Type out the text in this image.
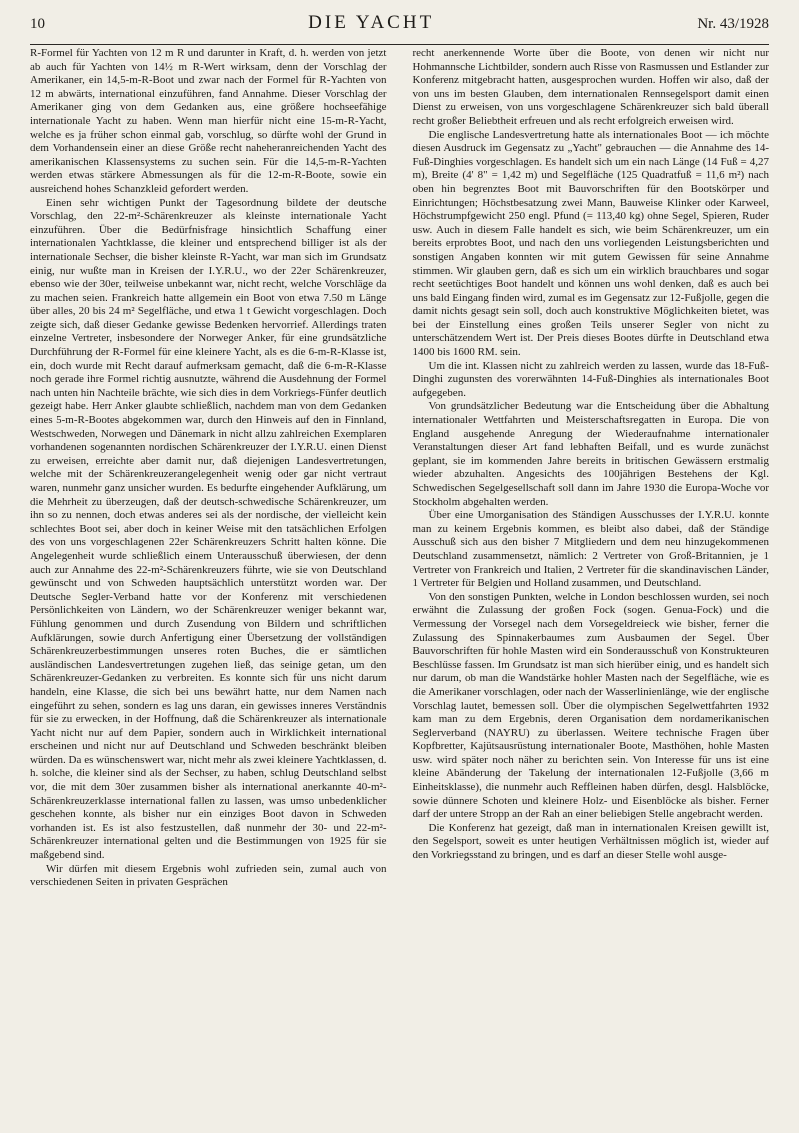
10	DIE YACHT	Nr. 43/1928

R-Formel für Yachten von 12 m R und darunter in Kraft, d. h. werden von jetzt ab auch für Yachten von 14½ m R-Wert wirksam, denn der Vorschlag der Amerikaner, ein 14,5-m-R-Boot und zwar nach der Formel für R-Yachten von 12 m abwärts, international einzuführen, fand Annahme. Dieser Vorschlag der Amerikaner ging von dem Gedanken aus, eine größere hochseefähige internationale Yacht zu haben. Wenn man hierfür nicht eine 15-m-R-Yacht, welche es ja früher schon einmal gab, vorschlug, so dürfte wohl der Grund in dem Vorhandensein einer an diese Größe recht naheheranreichenden Yacht des amerikanischen Klassensystems zu suchen sein. Für die 14,5-m-R-Yachten werden etwas stärkere Abmessungen als für die 12-m-R-Boote, sowie ein ausreichend hohes Schanzkleid gefordert werden.

Einen sehr wichtigen Punkt der Tagesordnung bildete der deutsche Vorschlag, den 22-m²-Schärenkreuzer als kleinste internationale Yacht einzuführen. Über die Bedürfnisfrage hinsichtlich Schaffung einer internationalen Yachtklasse, die kleiner und entsprechend billiger ist als der internationale Sechser, die bisher kleinste R-Yacht, war man sich im Grundsatz einig, nur wußte man in Kreisen der I.Y.R.U., wo der 22er Schärenkreuzer, ebenso wie der 30er, teilweise unbekannt war, nicht recht, welche Vorschläge da zu machen seien. Frankreich hatte allgemein ein Boot von etwa 7.50 m Länge über alles, 20 bis 24 m² Segelfläche, und etwa 1 t Gewicht vorgeschlagen. Doch zeigte sich, daß dieser Gedanke gewisse Bedenken hervorrief. Allerdings traten einzelne Vertreter, insbesondere der Norweger Anker, für eine grundsätzliche Durchführung der R-Formel für eine kleinere Yacht, als es die 6-m-R-Klasse ist, ein, doch wurde mit Recht darauf aufmerksam gemacht, daß die 6-m-R-Klasse noch gerade ihre Formel richtig ausnutzte, während die Ausdehnung der Formel nach unten hin Nachteile brächte, wie sich dies in dem Vorkriegs-Fünfer deutlich gezeigt habe. Herr Anker glaubte schließlich, nachdem man von dem Gedanken eines 5-m-R-Bootes abgekommen war, durch den Hinweis auf den in Finnland, Westschweden, Norwegen und Dänemark in nicht allzu zahlreichen Exemplaren vorhandenen sogenannten nordischen Schärenkreuzer der I.Y.R.U. einen Dienst zu erweisen, erreichte aber damit nur, daß diejenigen Landesvertretungen, welche mit der Schärenkreuzerangelegenheit wenig oder gar nicht vertraut waren, nunmehr ganz unsicher wurden. Es bedurfte eingehender Aufklärung, um die Mehrheit zu überzeugen, daß der deutsch-schwedische Schärenkreuzer, um ihn so zu nennen, doch etwas anderes sei als der nordische, der vielleicht kein schlechtes Boot sei, aber doch in keiner Weise mit den tatsächlichen Erfolgen des von uns vorgeschlagenen 22er Schärenkreuzers Schritt halten könne. Die Angelegenheit wurde schließlich einem Unterausschuß überwiesen, der denn auch zur Annahme des 22-m²-Schärenkreuzers führte, wie sie von Deutschland gewünscht und von Schweden hauptsächlich unterstützt worden war. Der Deutsche Segler-Verband hatte vor der Konferenz mit verschiedenen Persönlichkeiten von Ländern, wo der Schärenkreuzer weniger bekannt war, Fühlung genommen und durch Zusendung von Bildern und schriftlichen Aufklärungen, sowie durch Anfertigung einer Übersetzung der vollständigen Schärenkreuzerbestimmungen unseres roten Buches, die er sämtlichen ausländischen Landesvertretungen zugehen ließ, das seinige getan, um den Schärenkreuzer-Gedanken zu verbreiten. Es konnte sich für uns nicht darum handeln, eine Klasse, die sich bei uns bewährt hatte, nur dem Namen nach eingeführt zu sehen, sondern es lag uns daran, ein gewisses inneres Verständnis für sie zu erwecken, in der Hoffnung, daß die Schärenkreuzer als internationale Yacht nicht nur auf dem Papier, sondern auch in Wirklichkeit international erscheinen und nicht nur auf Deutschland und Schweden beschränkt bleiben würden. Da es wünschenswert war, nicht mehr als zwei kleinere Yachtklassen, d. h. solche, die kleiner sind als der Sechser, zu haben, schlug Deutschland selbst vor, die mit dem 30er zusammen bisher als international anerkannte 40-m²-Schärenkreuzerklasse international fallen zu lassen, was umso unbedenklicher geschehen konnte, als bisher nur ein einziges Boot davon in Schweden vorhanden ist. Es ist also festzustellen, daß nunmehr der 30- und 22-m²-Schärenkreuzer international gelten und die Bestimmungen von 1925 für sie maßgebend sind.

Wir dürfen mit diesem Ergebnis wohl zufrieden sein, zumal auch von verschiedenen Seiten in privaten Gesprächen

recht anerkennende Worte über die Boote, von denen wir nicht nur Hohmannsche Lichtbilder, sondern auch Risse von Rasmussen und Estlander zur Konferenz mitgebracht hatten, ausgesprochen wurden. Hoffen wir also, daß der von uns im besten Glauben, dem internationalen Rennsegelsport damit einen Dienst zu erweisen, von uns vorgeschlagene Schärenkreuzer sich bald überall recht großer Beliebtheit erfreuen und als recht erfolgreich erweisen wird.

Die englische Landesvertretung hatte als internationales Boot — ich möchte diesen Ausdruck im Gegensatz zu „Yacht" gebrauchen — die Annahme des 14-Fuß-Dinghies vorgeschlagen. Es handelt sich um ein nach Länge (14 Fuß = 4,27 m), Breite (4' 8" = 1,42 m) und Segelfläche (125 Quadratfuß = 11,6 m²) nach oben hin begrenztes Boot mit Bauvorschriften für den Bootskörper und Einrichtungen; Höchstbesatzung zwei Mann, Bauweise Klinker oder Karweel, Höchstrumpfgewicht 250 engl. Pfund (= 113,40 kg) ohne Segel, Spieren, Ruder usw. Auch in diesem Falle handelt es sich, wie beim Schärenkreuzer, um ein bereits erprobtes Boot, und nach den uns vorliegenden Leistungsberichten und sonstigen Angaben konnten wir mit gutem Gewissen für seine Annahme stimmen. Wir glauben gern, daß es sich um ein wirklich brauchbares und sogar recht seetüchtiges Boot handelt und können uns wohl denken, daß es auch bei uns bald Eingang finden wird, zumal es im Gegensatz zur 12-Fußjolle, gegen die damit nichts gesagt sein soll, doch auch konstruktive Möglichkeiten bietet, was bei der Einstellung eines großen Teils unserer Segler von nicht zu unterschätzendem Wert ist. Der Preis dieses Bootes dürfte in Deutschland etwa 1400 bis 1600 RM. sein.

Um die int. Klassen nicht zu zahlreich werden zu lassen, wurde das 18-Fuß-Dinghi zugunsten des vorerwähnten 14-Fuß-Dinghies als internationales Boot aufgegeben.

Von grundsätzlicher Bedeutung war die Entscheidung über die Abhaltung internationaler Wettfahrten und Meisterschaftsregatten in Europa. Die von England ausgehende Anregung der Wiederaufnahme internationaler Veranstaltungen dieser Art fand lebhaften Beifall, und es wurde zunächst geplant, sie im kommenden Jahre bereits in britischen Gewässern erstmalig wieder abzuhalten. Angesichts des 100jährigen Bestehens der Kgl. Schwedischen Segelgesellschaft soll dann im Jahre 1930 die Europa-Woche vor Stockholm abgehalten werden.

Über eine Umorganisation des Ständigen Ausschusses der I.Y.R.U. konnte man zu keinem Ergebnis kommen, es bleibt also dabei, daß der Ständige Ausschuß sich aus den bisher 7 Mitgliedern und dem neu hinzugekommenen Deutschland zusammensetzt, nämlich: 2 Vertreter von Groß-Britannien, je 1 Vertreter von Frankreich und Italien, 2 Vertreter für die skandinavischen Länder, 1 Vertreter für Belgien und Holland zusammen, und Deutschland.

Von den sonstigen Punkten, welche in London beschlossen wurden, sei noch erwähnt die Zulassung der großen Fock (sogen. Genua-Fock) und die Vermessung der Vorsegel nach dem Vorsegeldreieck wie bisher, ferner die Zulassung des Spinnakerbaumes zum Ausbaumen der Segel. Über Bauvorschriften für hohle Masten wird ein Sonderausschuß von Konstrukteuren Beschlüsse fassen. Im Grundsatz ist man sich hierüber einig, und es handelt sich nur darum, ob man die Wandstärke hohler Masten nach der Segelfläche, wie es die Amerikaner vorschlagen, oder nach der Wasserlinienlänge, wie der englische Vorschlag lautet, bemessen soll. Über die olympischen Segelwettfahrten 1932 kam man zu dem Ergebnis, deren Organisation dem nordamerikanischen Seglerverband (NAYRU) zu überlassen. Weitere technische Fragen über Kopfbretter, Kajütsausrüstung internationaler Boote, Masthöhen, hohle Masten usw. wird später noch näher zu berichten sein. Von Interesse für uns ist eine kleine Abänderung der Takelung der internationalen 12-Fußjolle (3,66 m Einheitsklasse), die nunmehr auch Reffleinen haben dürfen, desgl. Halsblöcke, sowie dünnere Schoten und kleinere Holz- und Eisenblöcke als bisher. Ferner darf der untere Stropp an der Rah an einer beliebigen Stelle angebracht werden.

Die Konferenz hat gezeigt, daß man in internationalen Kreisen gewillt ist, den Segelsport, soweit es unter heutigen Verhältnissen möglich ist, wieder auf den Vorkriegsstand zu bringen, und es darf an dieser Stelle wohl ausge-
